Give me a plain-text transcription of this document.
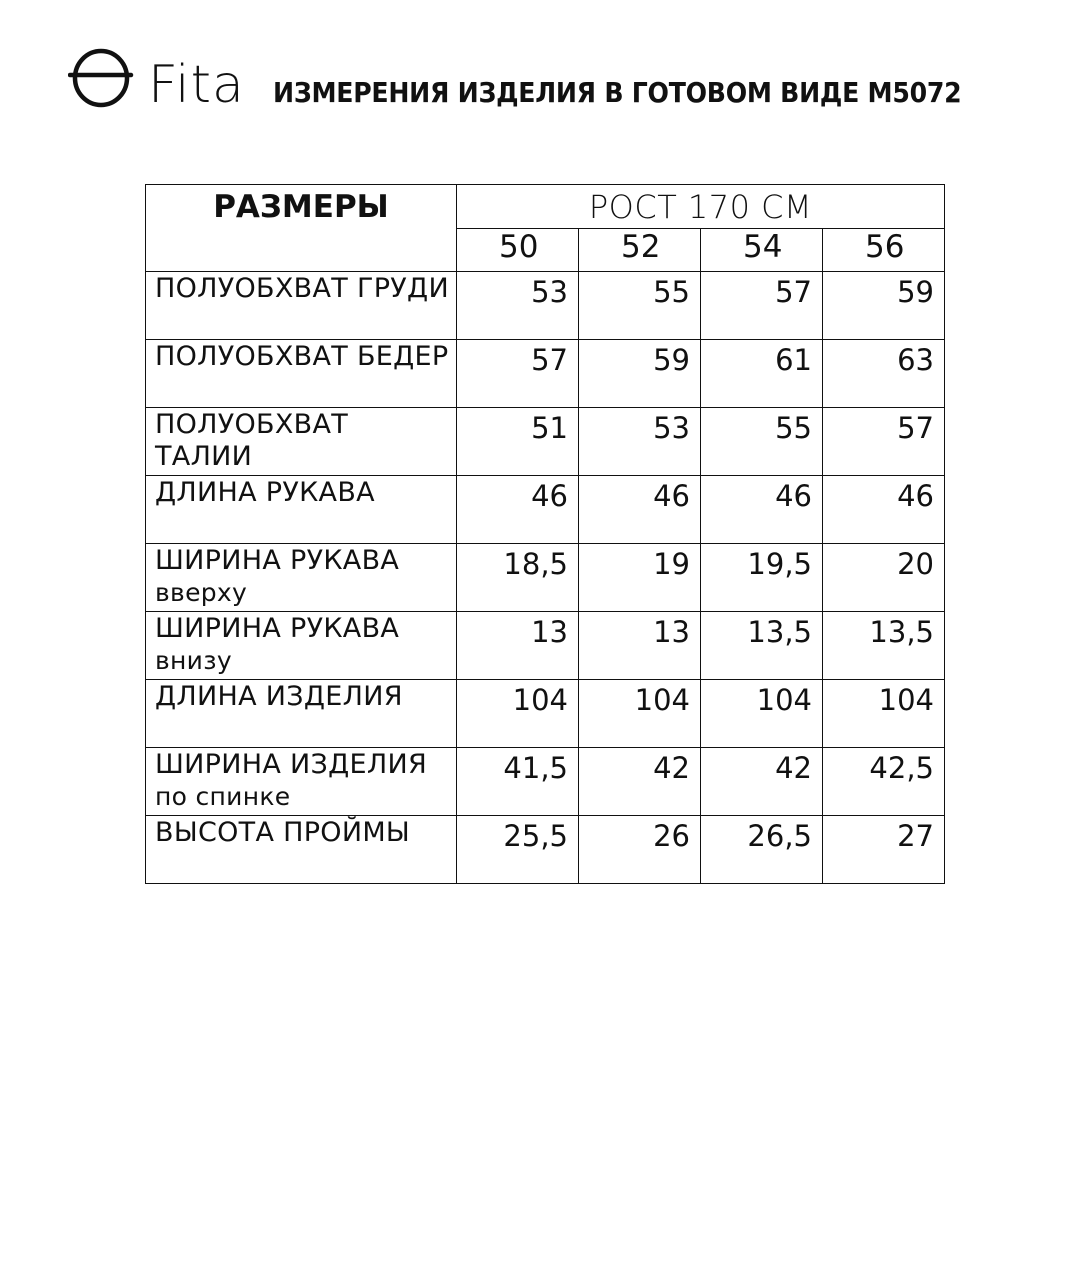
Fita ИЗМЕРЕНИЯ ИЗДЕЛИЯ В ГОТОВОМ ВИДЕ M5072
РАЗМЕРЫ	РОСТ 170 СМ			
	50	52	54	56

ПОЛУОБХВАТ ГРУДИ	53	55	57	59

ПОЛУОБХВАТ БЕДЕР	57	59	61	63

ПОЛУОБХВАТ
ТАЛИИ	51	53	55	57

ДЛИНА РУКАВА	46	46	46	46

ШИРИНА РУКАВА
вверху	18,5	19	19,5	20

ШИРИНА РУКАВА
внизу	13	13	13,5	13,5

ДЛИНА ИЗДЕЛИЯ	104	104	104	104

ШИРИНА ИЗДЕЛИЯ
по спинке	41,5	42	42	42,5

ВЫСОТА ПРОЙМЫ	25,5	26	26,5	27
